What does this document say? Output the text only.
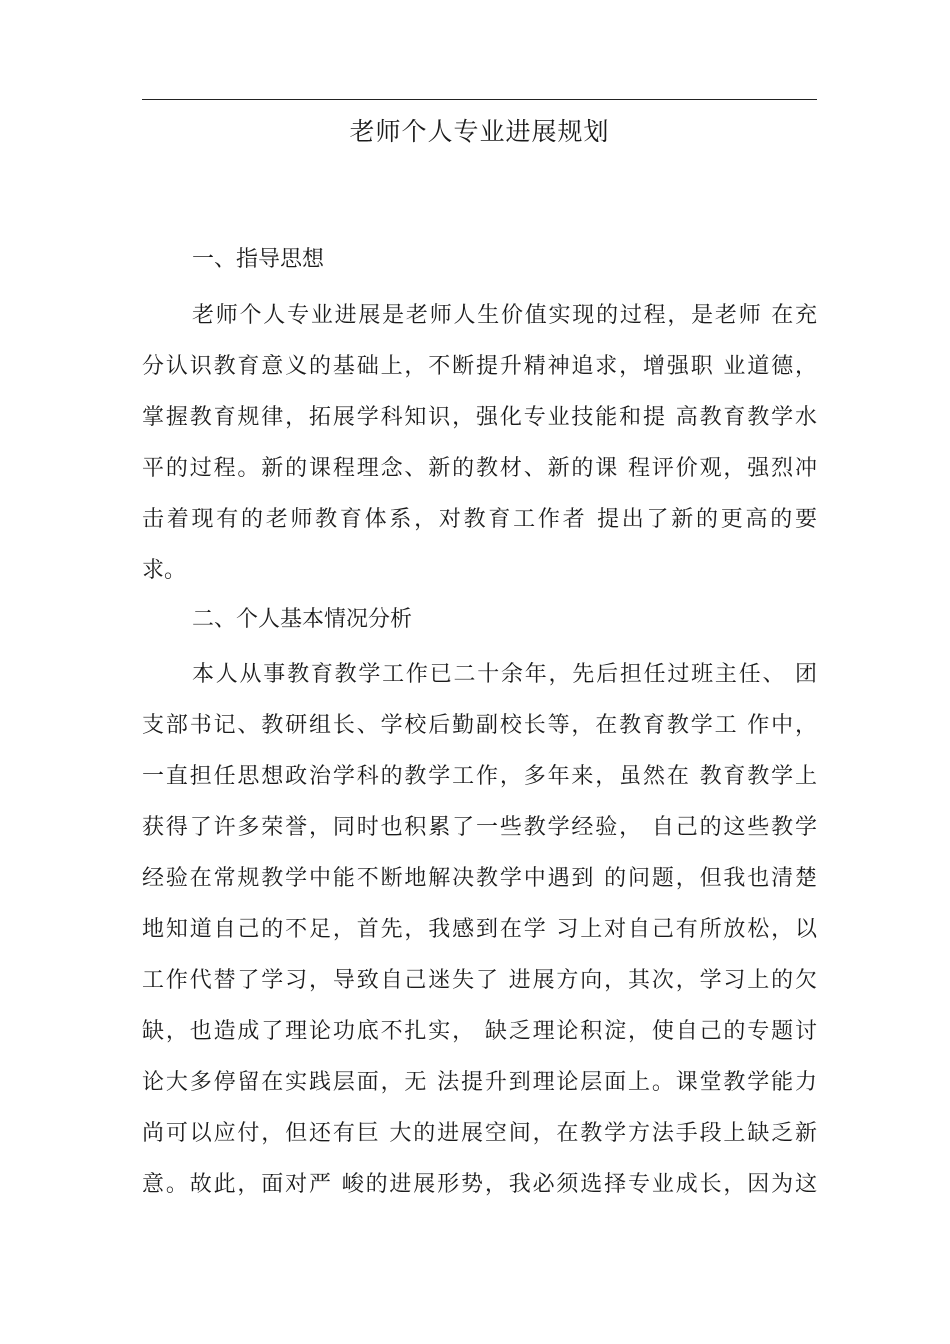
老师个人专业进展规划
一、指导思想
老师个人专业进展是老师人生价值实现的过程，是老师 在充
分认识教育意义的基础上，不断提升精神追求，增强职 业道德，
掌握教育规律，拓展学科知识，强化专业技能和提 高教育教学水
平的过程。新的课程理念、新的教材、新的课 程评价观，强烈冲
击着现有的老师教育体系，对教育工作者 提出了新的更高的要
求。
二、个人基本情况分析
本人从事教育教学工作已二十余年，先后担任过班主任、 团
支部书记、教研组长、学校后勤副校长等，在教育教学工 作中，
一直担任思想政治学科的教学工作，多年来，虽然在 教育教学上
获得了许多荣誉，同时也积累了一些教学经验， 自己的这些教学
经验在常规教学中能不断地解决教学中遇到 的问题，但我也清楚
地知道自己的不足，首先，我感到在学 习上对自己有所放松，以
工作代替了学习，导致自己迷失了 进展方向，其次，学习上的欠
缺，也造成了理论功底不扎实， 缺乏理论积淀，使自己的专题讨
论大多停留在实践层面，无 法提升到理论层面上。课堂教学能力
尚可以应付，但还有巨 大的进展空间，在教学方法手段上缺乏新
意。故此，面对严 峻的进展形势，我必须选择专业成长，因为这
